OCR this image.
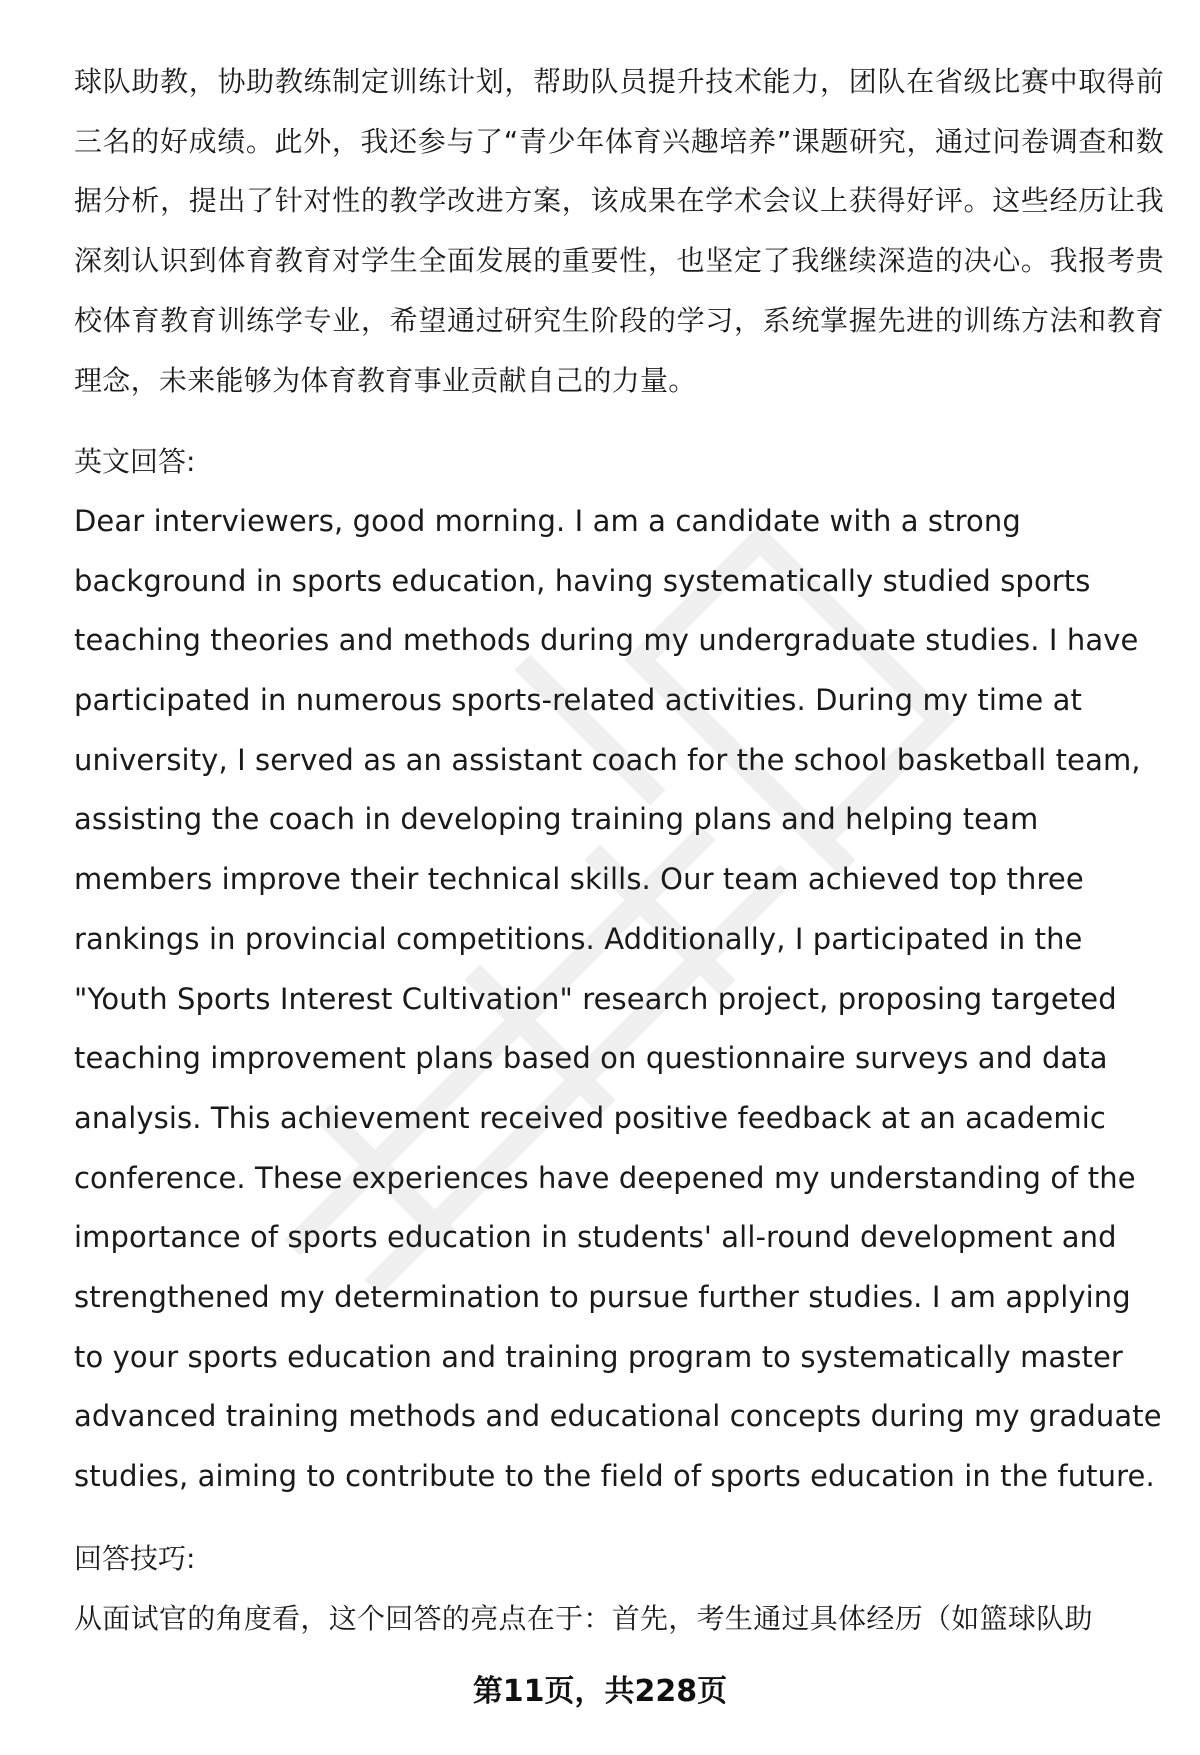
球队助教，协助教练制定训练计划，帮助队员提升技术能力，团队在省级比赛中取得前三名的好成绩。此外，我还参与了“青少年体育兴趣培养”课题研究，通过问卷调查和数据分析，提出了针对性的教学改进方案，该成果在学术会议上获得好评。这些经历让我深刻认识到体育教育对学生全面发展的重要性，也坚定了我继续深造的决心。我报考贵校体育教育训练学专业，希望通过研究生阶段的学习，系统掌握先进的训练方法和教育理念，未来能够为体育教育事业贡献自己的力量。

英文回答:

Dear interviewers, good morning. I am a candidate with a strong background in sports education, having systematically studied sports teaching theories and methods during my undergraduate studies. I have participated in numerous sports-related activities. During my time at university, I served as an assistant coach for the school basketball team, assisting the coach in developing training plans and helping team members improve their technical skills. Our team achieved top three rankings in provincial competitions. Additionally, I participated in the "Youth Sports Interest Cultivation" research project, proposing targeted teaching improvement plans based on questionnaire surveys and data analysis. This achievement received positive feedback at an academic conference. These experiences have deepened my understanding of the importance of sports education in students' all-round development and strengthened my determination to pursue further studies. I am applying to your sports education and training program to systematically master advanced training methods and educational concepts during my graduate studies, aiming to contribute to the field of sports education in the future.

回答技巧:

从面试官的角度看，这个回答的亮点在于：首先，考生通过具体经历（如篮球队助

第11页，共228页
